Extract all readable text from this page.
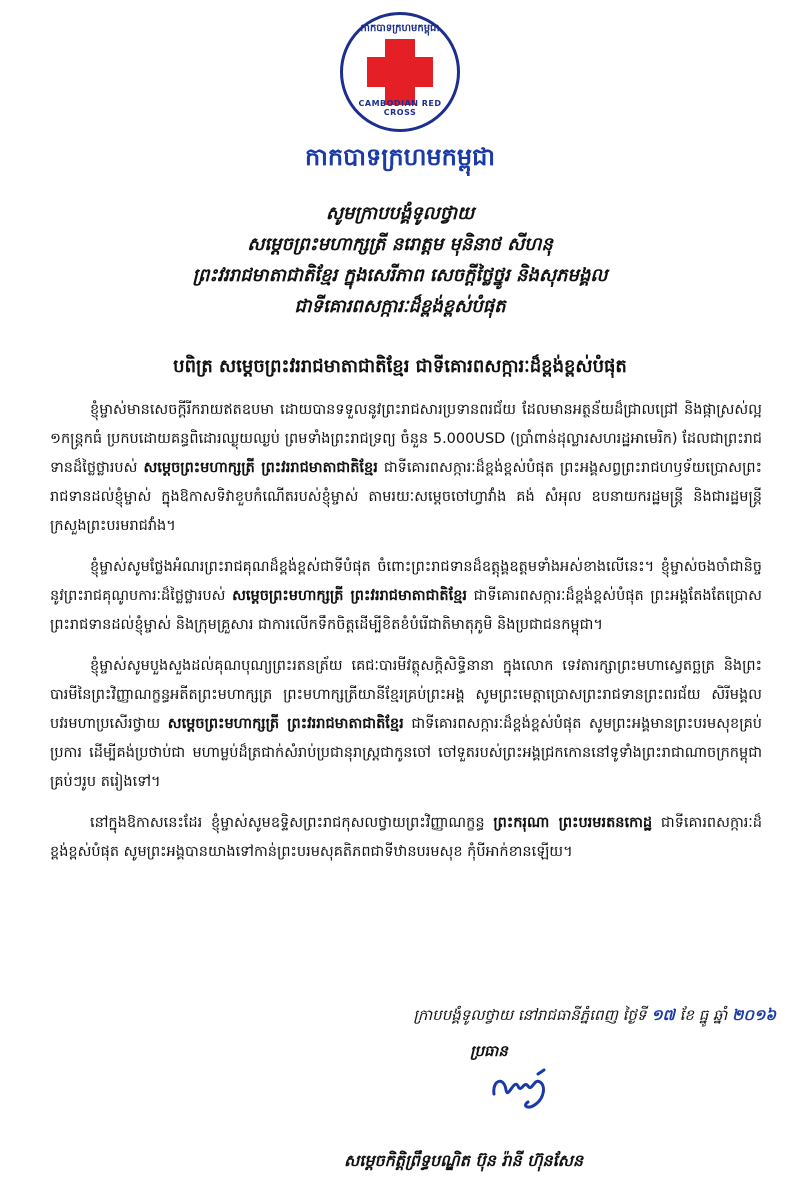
កាកបាទក្រហមកម្ពុជា
CAMBODIAN RED CROSS
កាកបាទក្រហមកម្ពុជា
សូមក្រាបបង្គំទូលថ្វាយ
សម្តេចព្រះមហាក្សត្រី នរោត្តម មុនិនាថ សីហនុ
ព្រះវររាជមាតាជាតិខ្មែរ ក្នុងសេរីភាព សេចក្តីថ្លៃថ្នូរ និងសុភមង្គល
ជាទីគោរពសក្ការៈដ៏ខ្ពង់ខ្ពស់បំផុត
បពិត្រ សម្តេចព្រះវររាជមាតាជាតិខ្មែរ ជាទីគោរពសក្ការៈដ៏ខ្ពង់ខ្ពស់បំផុត

ខ្ញុំម្ចាស់មានសេចក្តីរីករាយឥតឧបមា ដោយបានទទួលនូវព្រះរាជសារប្រទានពរជ័យ ដែលមានអត្ថន័យដ៏ជ្រាលជ្រៅ និងផ្កាស្រស់ល្អ ១កន្ត្រកធំ ប្រកបដោយគន្ធពិដោរឈ្ងុយឈ្ងប់ ព្រមទាំងព្រះរាជទ្រព្យ ចំនួន 5.000USD (ប្រាំពាន់ដុល្លារសហរដ្ឋអាមេរិក) ដែលជាព្រះរាជទានដ៏ថ្លៃថ្លារបស់ សម្តេចព្រះមហាក្សត្រី ព្រះវររាជមាតាជាតិខ្មែរ ជាទីគោរពសក្ការៈដ៏ខ្ពង់ខ្ពស់បំផុត ព្រះអង្គសព្វព្រះរាជហឫទ័យប្រោសព្រះរាជទានដល់ខ្ញុំម្ចាស់ ក្នុងឱកាសទិវាខួបកំណើតរបស់ខ្ញុំម្ចាស់ តាមរយៈសម្តេចចៅហ្វាវាំង គង់ សំអុល ឧបនាយករដ្ឋមន្ត្រី និងជារដ្ឋមន្ត្រីក្រសួងព្រះបរមរាជវាំង។

ខ្ញុំម្ចាស់សូមថ្លែងអំណរព្រះរាជគុណដ៏ខ្ពង់ខ្ពស់ជាទីបំផុត ចំពោះព្រះរាជទានដ៏ឧត្តុង្គឧត្តមទាំងអស់ខាងលើនេះ។ ខ្ញុំម្ចាស់ចងចាំជានិច្ច នូវព្រះរាជគុណូបការៈដ៏ថ្លៃថ្លារបស់ សម្តេចព្រះមហាក្សត្រី ព្រះវររាជមាតាជាតិខ្មែរ ជាទីគោរពសក្ការៈដ៏ខ្ពង់ខ្ពស់បំផុត ព្រះអង្គតែងតែប្រោសព្រះរាជទានដល់ខ្ញុំម្ចាស់ និងក្រុមគ្រួសារ ជាការលើកទឹកចិត្តដើម្បីខិតខំបំរើជាតិមាតុភូមិ និងប្រជាជនកម្ពុជា។

ខ្ញុំម្ចាស់សូមបួងសួងដល់គុណបុណ្យព្រះរតនត្រ័យ គេជៈបារមីវត្ថុសក្តិសិទ្ធិនានា ក្នុងលោក ទេវតារក្សាព្រះមហាស្វេតច្ឆត្រ និងព្រះបារមីនៃព្រះវិញ្ញាណក្ខន្ធអតីតព្រះមហាក្សត្រ ព្រះមហាក្សត្រីយានីខ្មែរគ្រប់ព្រះអង្គ សូមព្រះមេត្តាប្រោសព្រះរាជទានព្រះពរជ័យ សិរីមង្គល បវរមហាប្រសើរថ្វាយ សម្តេចព្រះមហាក្សត្រី ព្រះវររាជមាតាជាតិខ្មែរ ជាទីគោរពសក្ការៈដ៏ខ្ពង់ខ្ពស់បំផុត សូមព្រះអង្គមានព្រះបរមសុខគ្រប់ប្រការ ដើម្បីគង់ប្រថាប់ជា មហាម្លប់ដ៏ត្រជាក់សំរាប់ប្រជានុរាស្ត្រជាកូនចៅ ចៅទួតរបស់ព្រះអង្គជ្រកកោននៅទូទាំងព្រះរាជាណាចក្រកម្ពុជា គ្រប់ៗរូប តរៀងទៅ។

នៅក្នុងឱកាសនេះដែរ ខ្ញុំម្ចាស់សូមឧទ្ទិសព្រះរាជកុសលថ្វាយព្រះវិញ្ញាណក្ខន្ធ ព្រះករុណា ព្រះបរមរតនកោដ្ឋ ជាទីគោរពសក្ការៈដ៏ខ្ពង់ខ្ពស់បំផុត សូមព្រះអង្គបានយាងទៅកាន់ព្រះបរមសុគតិភពជាទីឋានបរមសុខ កុំបីអាក់ខានឡើយ។

ក្រាបបង្គំទូលថ្វាយ នៅរាជធានីភ្នំពេញ ថ្ងៃទី ១៧ ខែ ធ្នូ ឆ្នាំ ២០១៦
ប្រធាន
សម្តេចកិត្តិព្រឹទ្ធបណ្ឌិត ប៊ុន រ៉ានី ហ៊ុនសែន
